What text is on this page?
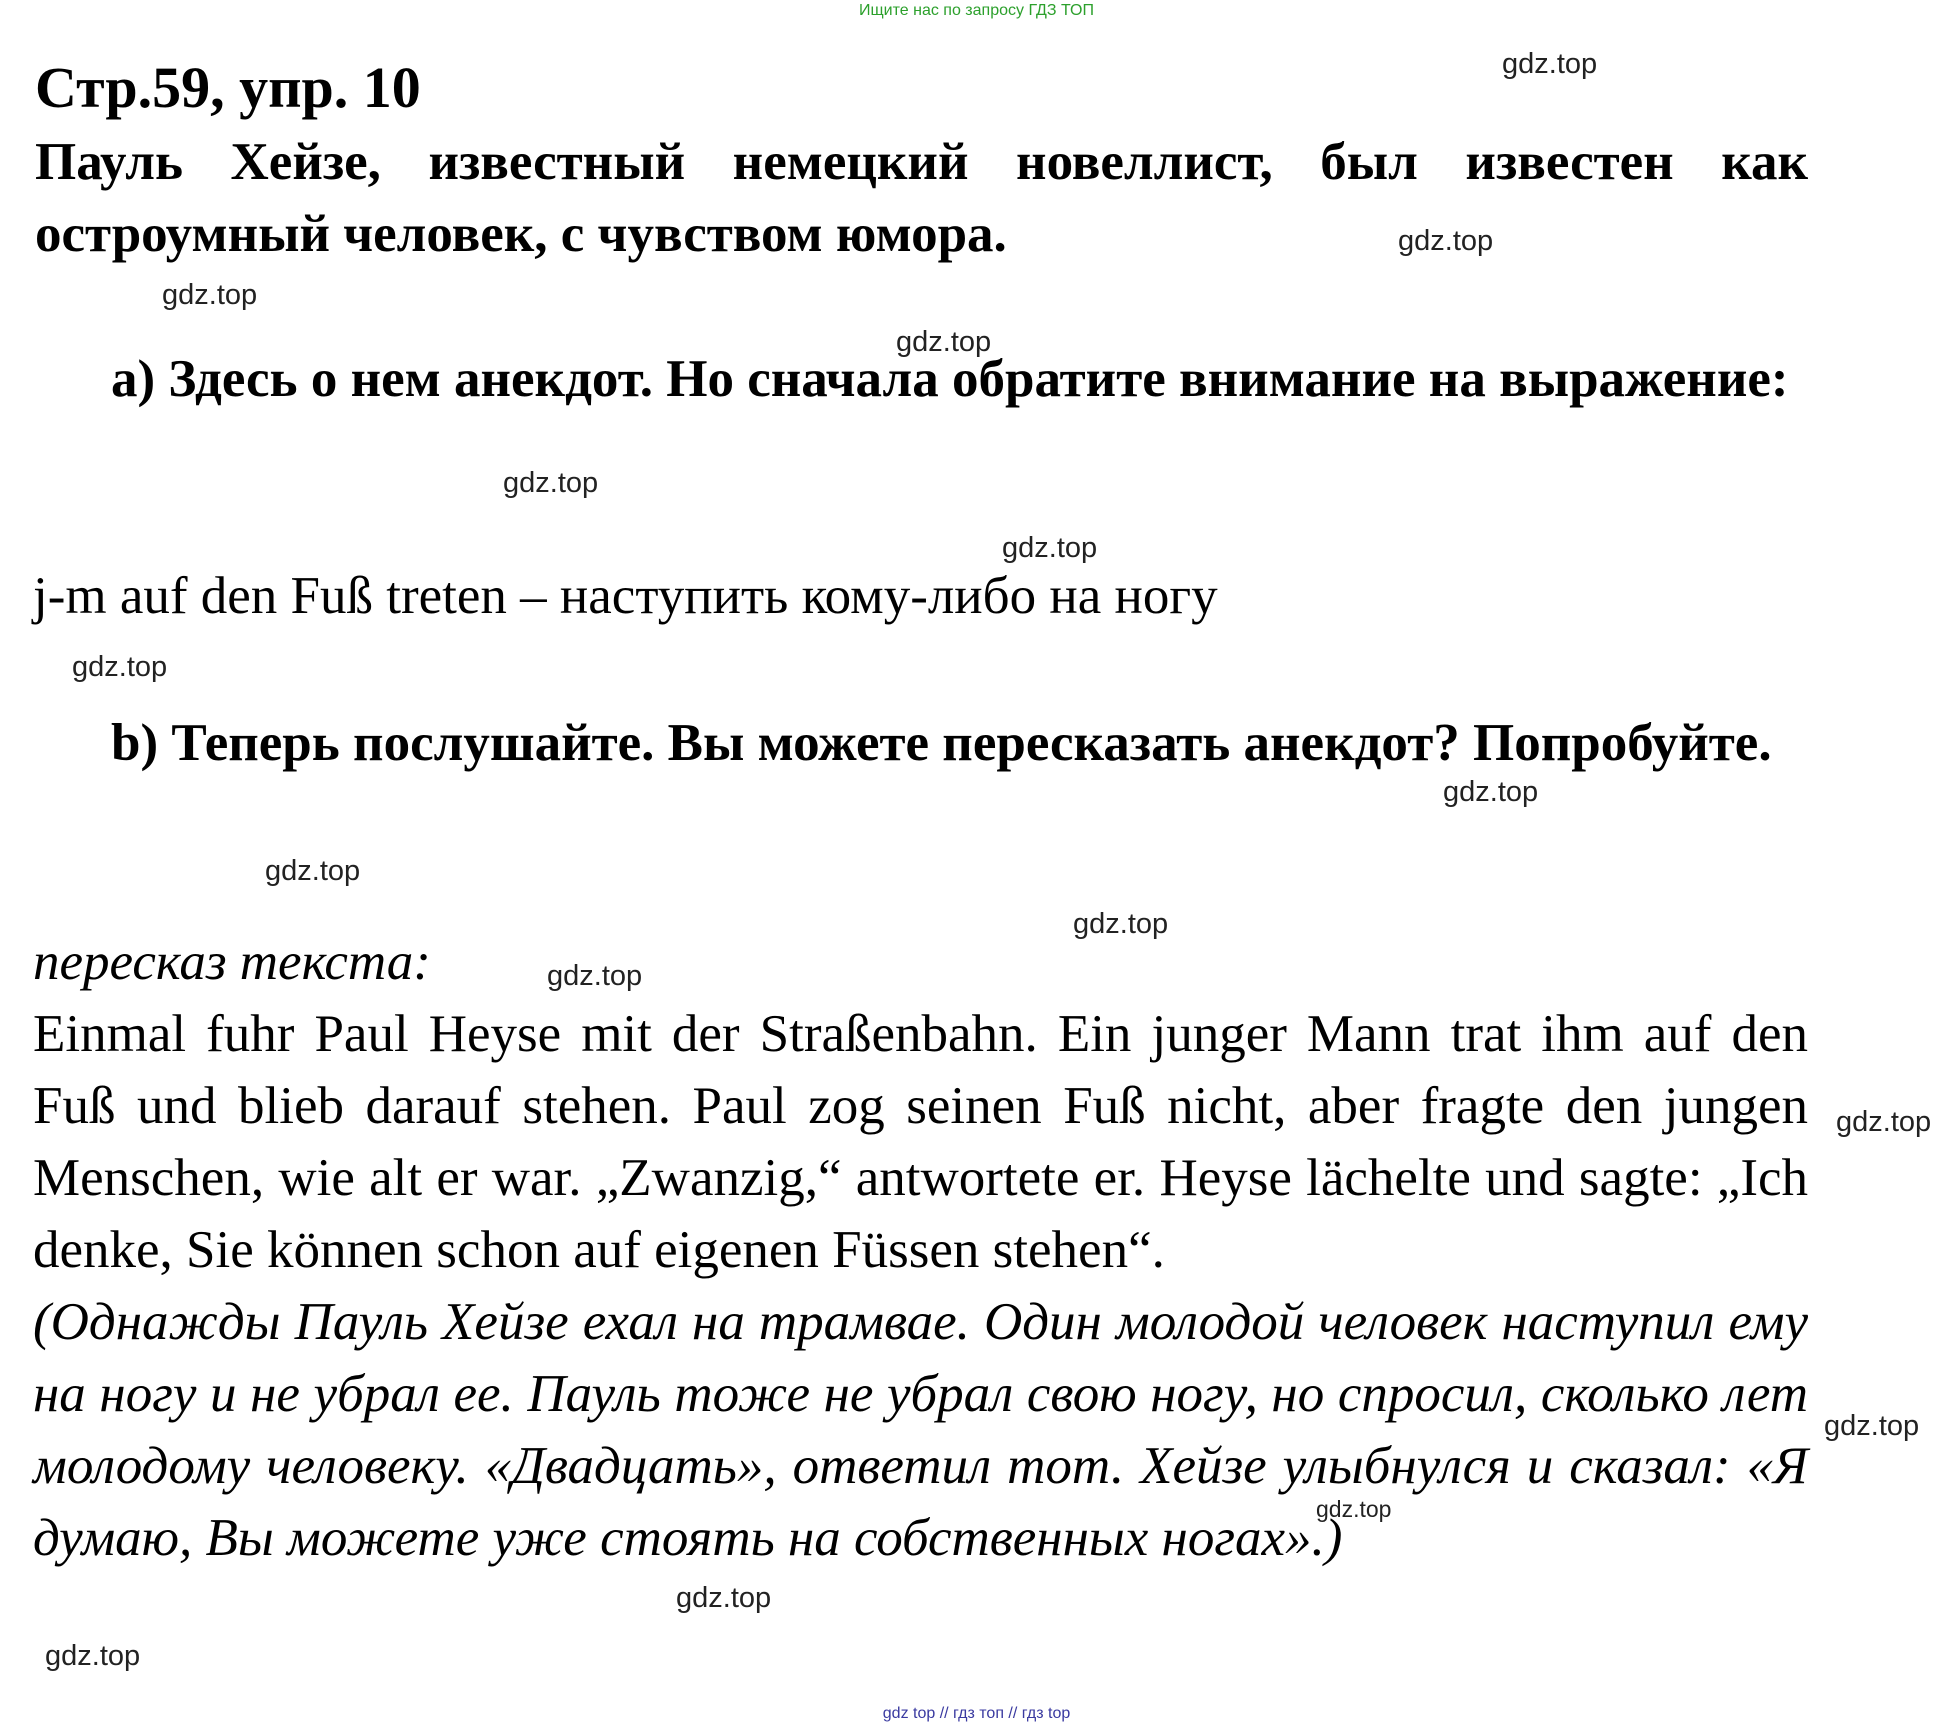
Ищите нас по запросу ГДЗ ТОП
Стр.59, упр. 10
Пауль Хейзе, известный немецкий новеллист, был известен как остроумный человек, с чувством юмора.
a) Здесь о нем анекдот. Но сначала обратите внимание на выражение:
j-m auf den Fuß treten – наступить кому-либо на ногу
b) Теперь послушайте. Вы можете пересказать анекдот? Попробуйте.
пересказ текста:
Einmal fuhr Paul Heyse mit der Straßenbahn. Ein junger Mann trat ihm auf den Fuß und blieb darauf stehen. Paul zog seinen Fuß nicht, aber fragte den jungen Menschen, wie alt er war. „Zwanzig,“ antwortete er. Heyse lächelte und sagte: „Ich denke, Sie können schon auf eigenen Füssen stehen“.
(Однажды Пауль Хейзе ехал на трамвае. Один молодой человек наступил ему на ногу и не убрал ее. Пауль тоже не убрал свою ногу, но спросил, сколько лет молодому человеку. «Двадцать», ответил тот. Хейзе улыбнулся и сказал: «Я думаю, Вы можете уже стоять на собственных ногах».)
gdz.top
gdz.top
gdz.top
gdz.top
gdz.top
gdz.top
gdz.top
gdz.top
gdz.top
gdz.top
gdz.top
gdz.top
gdz.top
gdz.top
gdz.top
gdz.top
gdz top // гдз топ // гдз top
